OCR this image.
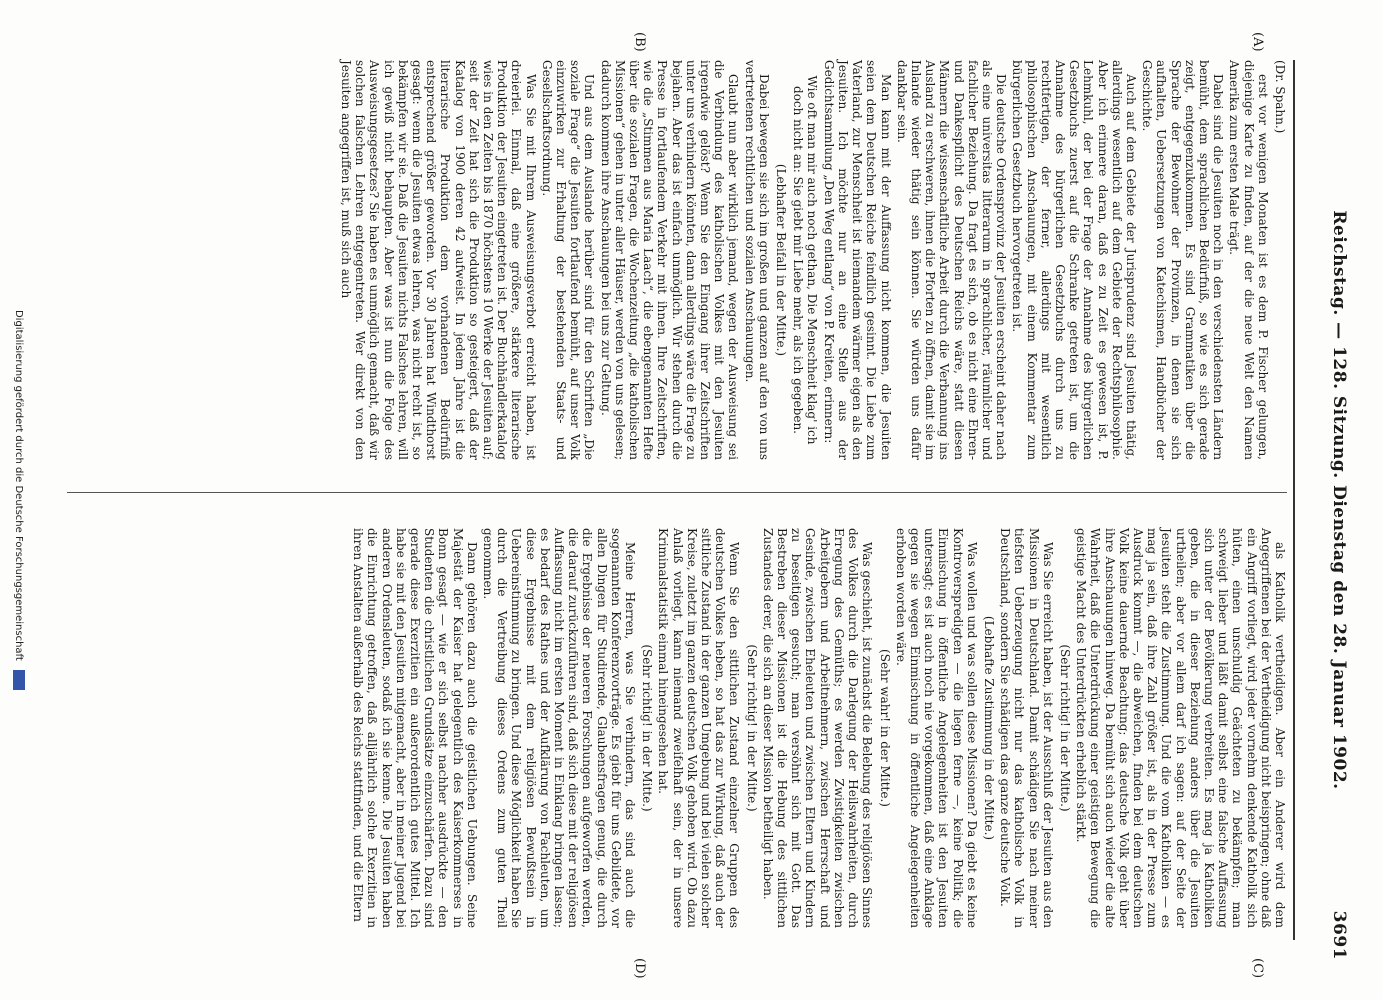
Reichstag. — 128. Sitzung. Dienstag den 28. Januar 1902.
3691
(A)
(B)
(C)
(D)

(Dr. Spahn.)

erst vor wenigen Monaten ist es dem P. Fischer gelungen, diejenige Karte zu finden, auf der die neue Welt den Namen Amerika zum ersten Male trägt.

Dabei sind die Jesuiten noch in den verschiedensten Ländern bemüht, dem sprachlichen Bedürfniß, so wie es sich gerade zeigt, entgegenzukommen. Es sind Grammatiken über die Sprache der Bewohner der Provinzen, in denen sie sich aufhalten, Uebersetzungen von Katechismen, Handbücher der Geschichte.

Auch auf dem Gebiete der Jurisprudenz sind Jesuiten thätig, allerdings wesentlich auf dem Gebiete der Rechtsphilosophie. Aber ich erinnere daran, daß es zu Zeit es gewesen ist, P. Lehmkuhl, der bei der Frage der Annahme des bürgerlichen Gesetzbuchs zuerst auf die Schranke getreten ist, um die Annahme des bürgerlichen Gesetzbuchs durch uns zu rechtfertigen, der ferner, allerdings mit wesentlich philosophischen Anschauungen, mit einem Kommentar zum bürgerlichen Gesetzbuch hervorgetreten ist.

Die deutsche Ordensprovinz der Jesuiten erscheint daher nach als eine universitas litterarum in sprachlicher, räumlicher und fachlicher Beziehung. Da fragt es sich, ob es nicht eine Ehren- und Dankespflicht des Deutschen Reichs wäre, statt diesen Männern die wissenschaftliche Arbeit durch die Verbannung ins Ausland zu erschweren, ihnen die Pforten zu öffnen, damit sie im Inlande wieder thätig sein können. Sie würden uns dafür dankbar sein.

Man kann mit der Auffassung nicht kommen, die Jesuiten seien dem Deutschen Reiche feindlich gesinnt. Die Liebe zum Vaterland, zur Menschheit ist niemandem wärmer eigen als den Jesuiten. Ich möchte nur an eine Stelle aus der Gedichtsammlung „Den Weg entlang“ von P. Kreiten, erinnern:

Wie oft man mir auch noch gethan, Die Menschheit klag' ich doch nicht an: Sie giebt mir Liebe mehr, als ich gegeben.

(Lebhafter Beifall in der Mitte.)

Dabei bewegen sie sich im großen und ganzen auf den von uns vertretenen rechtlichen und sozialen Anschauungen.

Glaubt nun aber wirklich jemand, wegen der Ausweisung sei die Verbindung des katholischen Volkes mit den Jesuiten irgendwie gelöst? Wenn Sie den Eingang ihrer Zeitschriften unter uns verhindern könnten, dann allerdings wäre die Frage zu bejahen. Aber das ist einfach unmöglich. Wir stehen durch die Presse in fortlaufendem Verkehr mit ihnen. Ihre Zeitschriften, wie die „Stimmen aus Maria Laach“, die ebengenannten Hefte über die sozialen Fragen, die Wochenzeitung „die katholischen Missionen“ gehen in unter aller Häuser, werden von uns gelesen; dadurch kommen ihre Anschauungen bei uns zur Geltung.

Und aus dem Auslande herüber sind für den Schriften „Die soziale Frage“ die Jesuiten fortlaufend bemüht, auf unser Volk einzuwirken zur Erhaltung der bestehenden Staats- und Gesellschaftsordnung.

Was Sie mit Ihrem Ausweisungsverbot erreicht haben, ist dreierlei. Einmal, daß eine größere, stärkere literarische Produktion der Jesuiten eingetreten ist. Der Buchhändlerkatalog wies in den Zeiten bis 1870 höchstens 10 Werke der Jesuiten auf; seit der Zeit hat sich die Produktion so gesteigert, daß der Katalog von 1900 deren 42 aufweist. In jedem Jahre ist die literarische Produktion dem vorhandenen Bedürfniß entsprechend größer geworden. Vor 30 Jahren hat Windthorst gesagt: wenn die Jesuiten etwas lehren, was nicht recht ist, so bekämpfen wir sie. Daß die Jesuiten nichts Falsches lehren, will ich gewiß nicht behaupten. Aber was ist nun die Folge des Ausweisungsgesetzes? Sie haben es unmöglich gemacht, daß wir solchen falschen Lehren entgegentreten. Wer direkt von den Jesuiten angegriffen ist, muß sich auch

als Katholik vertheidigen. Aber ein Anderer wird dem Angegriffenen bei der Vertheidigung nicht beispringen; ohne daß ein Angriff vorliegt, wird jeder vornehm denkende Katholik sich hüten, einen unschuldig Geächteten zu bekämpfen; man schweigt lieber und läßt damit selbst eine falsche Auffassung sich unter der Bevölkerung verbreiten. Es mag ja Katholiken geben, die in dieser Beziehung anders über die Jesuiten urtheilen; aber vor allem darf ich sagen: auf der Seite der Jesuiten steht die Zustimmung. Und die vom Katholiken — es mag ja sein, daß ihre Zahl größer ist, als in der Presse zum Ausdruck kommt —, die abweichen, finden bei dem deutschen Volk keine dauernde Beachtung; das deutsche Volk geht über ihre Anschauungen hinweg. Da bemüht sich auch wieder die alte Wahrheit, daß die Unterdrückung einer geistigen Bewegung die geistige Macht des Unterdrückten erheblich stärkt.

(Sehr richtig! in der Mitte.)

Was Sie erreicht haben, ist der Ausschluß der Jesuiten aus den Missionen in Deutschland. Damit schädigen Sie nach meiner tiefsten Ueberzeugung nicht nur das katholische Volk in Deutschland, sondern Sie schädigen das ganze deutsche Volk.

(Lebhafte Zustimmung in der Mitte.)

Was wollen und was sollen diese Missionen? Da giebt es keine Kontroverspredigten — die liegen ferne —, keine Politik; die Einmischung in öffentliche Angelegenheiten ist den Jesuiten untersagt; es ist auch noch nie vorgekommen, daß eine Anklage gegen sie wegen Einmischung in öffentliche Angelegenheiten erhoben worden wäre.

(Sehr wahr! in der Mitte.)

Was geschieht, ist zunächst die Belebung des religiösen Sinnes des Volkes durch die Darlegung der Heilswahrheiten, durch Erregung des Gemüths; es werden Zwistigkeiten zwischen Arbeitgebern und Arbeitnehmern, zwischen Herrschaft und Gesinde, zwischen Eheleuten und zwischen Eltern und Kindern zu beseitigen gesucht; man versöhnt sich mit Gott. Das Bestreben dieser Missionen ist die Hebung des sittlichen Zustandes derer, die sich an dieser Mission betheiligt haben.

(Sehr richtig! in der Mitte.)

Wenn Sie den sittlichen Zustand einzelner Gruppen des deutschen Volkes heben, so hat das zur Wirkung, daß auch der sittliche Zustand in der ganzen Umgebung und bei vielen solcher Kreise, zuletzt im ganzen deutschen Volk gehoben wird. Ob dazu Anlaß vorliegt, kann niemand zweifelhaft sein, der in unsere Kriminalstatistik einmal hineingesehen hat.

(Sehr richtig! in der Mitte.)

Meine Herren, was Sie verhindern, das sind auch die sogenannten Konferenzvorträge. Es giebt für uns Gebildete, vor allen Dingen für Studirende, Glaubensfragen genug, die durch die Ergebnisse der neueren Forschungen aufgeworfen werden, die darauf zurückzuführen sind, daß sich diese mit der religiösen Auffassung nicht im ersten Moment in Einklang bringen lassen; es bedarf des Rathes und der Aufklärung von Fachleuten, um diese Ergebnisse mit dem religiösen Bewußtsein in Uebereinstimmung zu bringen. Und diese Möglichkeit haben Sie durch die Vertreibung dieses Ordens zum guten Theil genommen.

Dann gehören dazu auch die geistlichen Uebungen. Seine Majestät der Kaiser hat gelegentlich des Kaiserkommerses in Bonn gesagt — wie er sich selbst nachher ausdrückte — den Studenten die christlichen Grundsätze einzuschärfen. Dazu sind gerade diese Exerzitien ein außerordentlich gutes Mittel. Ich habe sie mit den Jesuiten mitgemacht, aber in meiner Jugend bei anderen Ordensleuten, sodaß ich sie kenne. Die Jesuiten haben die Einrichtung getroffen, daß alljährlich solche Exerzitien in ihren Anstalten außerhalb des Reichs stattfinden, und die Eltern

Digitalisierung gefördert durch die Deutsche Forschungsgemeinschaft
